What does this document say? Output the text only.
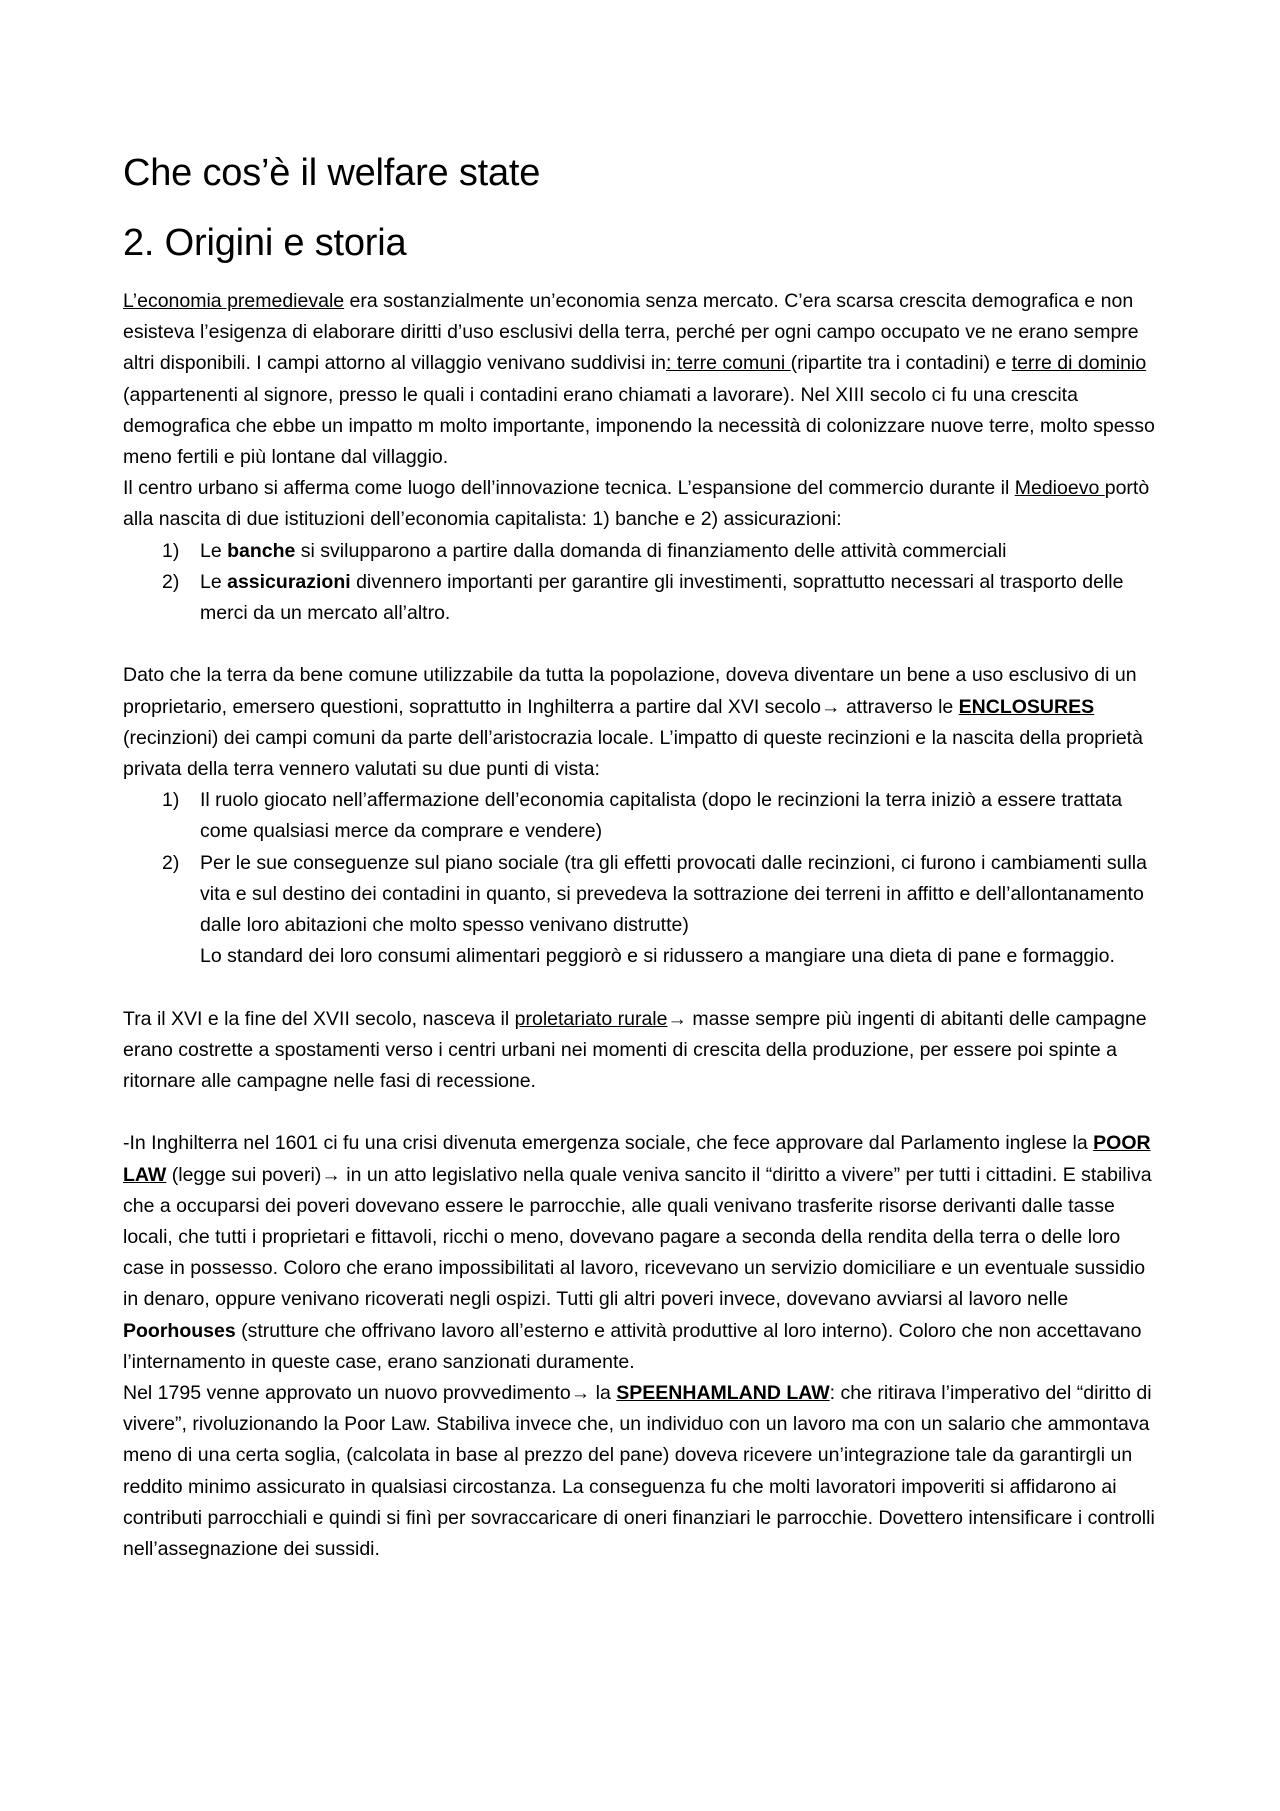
Che cos’è il welfare state
2. Origini e storia

L’economia premedievale era sostanzialmente un’economia senza mercato. C’era scarsa crescita demografica e non esisteva l’esigenza di elaborare diritti d’uso esclusivi della terra, perché per ogni campo occupato ve ne erano sempre altri disponibili. I campi attorno al villaggio venivano suddivisi in: terre comuni (ripartite tra i contadini) e terre di dominio (appartenenti al signore, presso le quali i contadini erano chiamati a lavorare). Nel XIII secolo ci fu una crescita demografica che ebbe un impatto m molto importante, imponendo la necessità di colonizzare nuove terre, molto spesso meno fertili e più lontane dal villaggio.

Il centro urbano si afferma come luogo dell’innovazione tecnica. L’espansione del commercio durante il Medioevo portò alla nascita di due istituzioni dell’economia capitalista: 1) banche e 2) assicurazioni:

1) Le banche si svilupparono a partire dalla domanda di finanziamento delle attività commerciali
2) Le assicurazioni divennero importanti per garantire gli investimenti, soprattutto necessari al trasporto delle merci da un mercato all’altro.

Dato che la terra da bene comune utilizzabile da tutta la popolazione, doveva diventare un bene a uso esclusivo di un proprietario, emersero questioni, soprattutto in Inghilterra a partire dal XVI secolo→ attraverso le ENCLOSURES (recinzioni) dei campi comuni da parte dell’aristocrazia locale. L’impatto di queste recinzioni e la nascita della proprietà privata della terra vennero valutati su due punti di vista:

1) Il ruolo giocato nell’affermazione dell’economia capitalista (dopo le recinzioni la terra iniziò a essere trattata come qualsiasi merce da comprare e vendere)
2) Per le sue conseguenze sul piano sociale (tra gli effetti provocati dalle recinzioni, ci furono i cambiamenti sulla vita e sul destino dei contadini in quanto, si prevedeva la sottrazione dei terreni in affitto e dell’allontanamento dalle loro abitazioni che molto spesso venivano distrutte)
Lo standard dei loro consumi alimentari peggiorò e si ridussero a mangiare una dieta di pane e formaggio.

Tra il XVI e la fine del XVII secolo, nasceva il proletariato rurale→ masse sempre più ingenti di abitanti delle campagne erano costrette a spostamenti verso i centri urbani nei momenti di crescita della produzione, per essere poi spinte a ritornare alle campagne nelle fasi di recessione.

-In Inghilterra nel 1601 ci fu una crisi divenuta emergenza sociale, che fece approvare dal Parlamento inglese la POOR LAW (legge sui poveri)→ in un atto legislativo nella quale veniva sancito il “diritto a vivere” per tutti i cittadini. E stabiliva che a occuparsi dei poveri dovevano essere le parrocchie, alle quali venivano trasferite risorse derivanti dalle tasse locali, che tutti i proprietari e fittavoli, ricchi o meno, dovevano pagare a seconda della rendita della terra o delle loro case in possesso. Coloro che erano impossibilitati al lavoro, ricevevano un servizio domiciliare e un eventuale sussidio in denaro, oppure venivano ricoverati negli ospizi. Tutti gli altri poveri invece, dovevano avviarsi al lavoro nelle Poorhouses (strutture che offrivano lavoro all’esterno e attività produttive al loro interno). Coloro che non accettavano l’internamento in queste case, erano sanzionati duramente.

Nel 1795 venne approvato un nuovo provvedimento→ la SPEENHAMLAND LAW: che ritirava l’imperativo del “diritto di vivere”, rivoluzionando la Poor Law. Stabiliva invece che, un individuo con un lavoro ma con un salario che ammontava meno di una certa soglia, (calcolata in base al prezzo del pane) doveva ricevere un’integrazione tale da garantirgli un reddito minimo assicurato in qualsiasi circostanza. La conseguenza fu che molti lavoratori impoveriti si affidarono ai contributi parrocchiali e quindi si finì per sovraccaricare di oneri finanziari le parrocchie. Dovettero intensificare i controlli nell’assegnazione dei sussidi.
